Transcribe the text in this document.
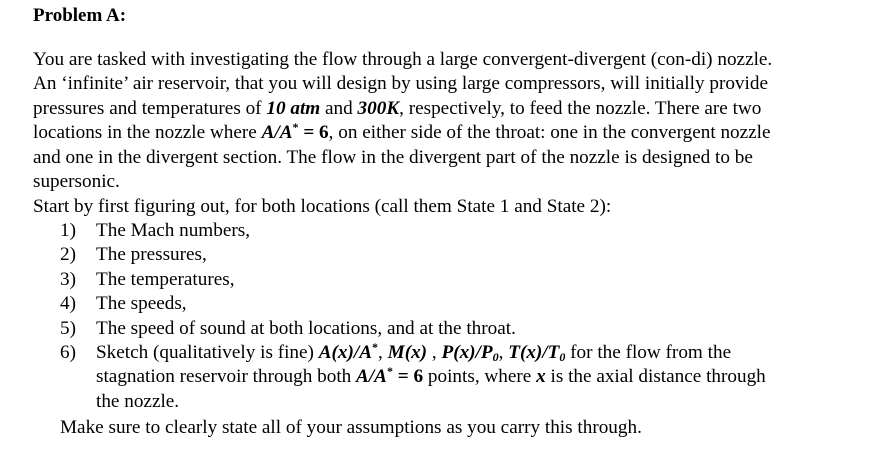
Problem A:
You are tasked with investigating the flow through a large convergent-divergent (con-di) nozzle.
An ‘infinite’ air reservoir, that you will design by using large compressors, will initially provide
pressures and temperatures of 10 atm and 300K, respectively, to feed the nozzle. There are two
locations in the nozzle where A/A* = 6, on either side of the throat: one in the convergent nozzle
and one in the divergent section. The flow in the divergent part of the nozzle is designed to be
supersonic.
Start by first figuring out, for both locations (call them State 1 and State 2):
1) The Mach numbers,
2) The pressures,
3) The temperatures,
4) The speeds,
5) The speed of sound at both locations, and at the throat.
6) Sketch (qualitatively is fine) A(x)/A*, M(x) , $P(x)/P_0$, $T(x)/T_0$ for the flow from the
stagnation reservoir through both A/A* = 6 points, where x is the axial distance through
the nozzle.
Make sure to clearly state all of your assumptions as you carry this through.
